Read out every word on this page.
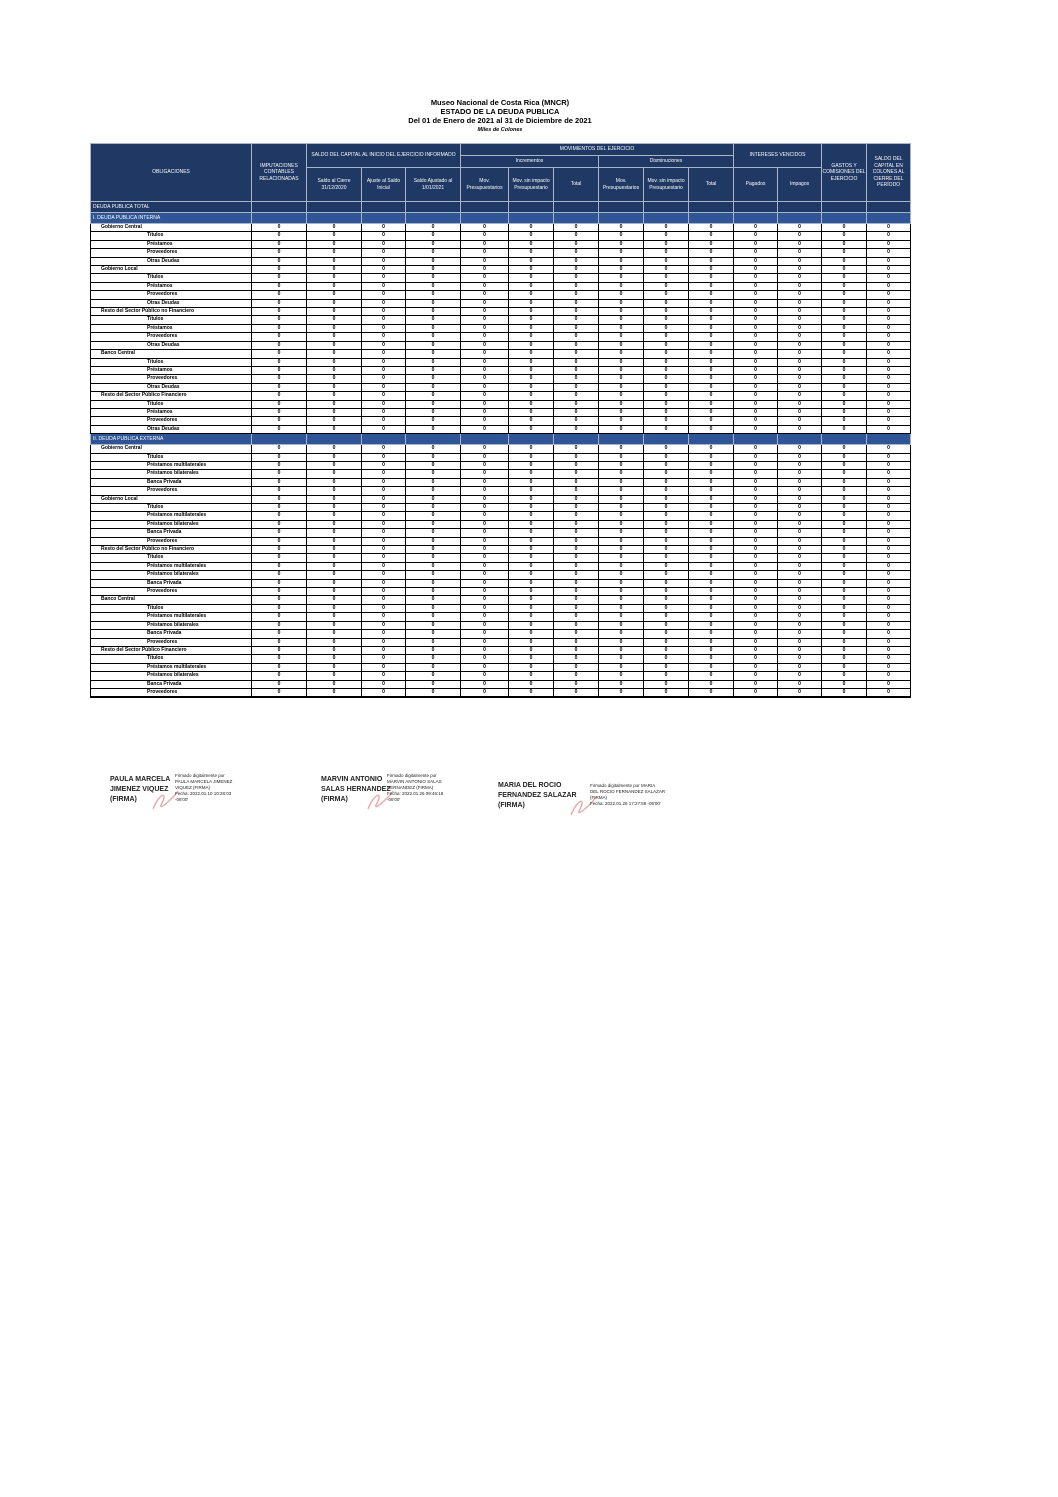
Museo Nacional de Costa Rica (MNCR)
ESTADO DE LA DEUDA PUBLICA
Del 01 de Enero de 2021 al 31 de Diciembre de 2021
Miles de Colones
OBLIGACIONES	IMPUTACIONES CONTABLES RELACIONADAS	SALDO DEL CAPITAL AL INICIO DEL EJERCICIO INFORMADO			MOVIMIENTOS DEL EJERCICIO						INTERESES VENCIDOS		GASTOS Y COMISIONES DEL EJERCICIO	SALDO DEL CAPITAL EN COLONES AL CIERRE DEL PERÍODO
					Incrementos			Disminuciones						
		Saldo al Cierre 31/12/2020	Ajuste al Saldo Inicial	Saldo Ajustado al 1/01/2021	Mov. Presupuestarios	Mov. sin impacto Presupuestario	Total	Mov. Presupuestarios	Mov. sin impacto Presupuestario	Total	Pagados	Impagos		
DEUDA PUBLICA TOTAL														
I. DEUDA PUBLICA INTERNA														
Gobierno Central	0	0	0	0	0	0	0	0	0	0	0	0	0	0
Títulos	0	0	0	0	0	0	0	0	0	0	0	0	0	0
Préstamos	0	0	0	0	0	0	0	0	0	0	0	0	0	0
Proveedores	0	0	0	0	0	0	0	0	0	0	0	0	0	0
Otras Deudas	0	0	0	0	0	0	0	0	0	0	0	0	0	0
Gobierno Local	0	0	0	0	0	0	0	0	0	0	0	0	0	0
Títulos	0	0	0	0	0	0	0	0	0	0	0	0	0	0
Préstamos	0	0	0	0	0	0	0	0	0	0	0	0	0	0
Proveedores	0	0	0	0	0	0	0	0	0	0	0	0	0	0
Otras Deudas	0	0	0	0	0	0	0	0	0	0	0	0	0	0
Resto del Sector Público no Financiero	0	0	0	0	0	0	0	0	0	0	0	0	0	0
Títulos	0	0	0	0	0	0	0	0	0	0	0	0	0	0
Préstamos	0	0	0	0	0	0	0	0	0	0	0	0	0	0
Proveedores	0	0	0	0	0	0	0	0	0	0	0	0	0	0
Otras Deudas	0	0	0	0	0	0	0	0	0	0	0	0	0	0
Banco Central	0	0	0	0	0	0	0	0	0	0	0	0	0	0
Títulos	0	0	0	0	0	0	0	0	0	0	0	0	0	0
Préstamos	0	0	0	0	0	0	0	0	0	0	0	0	0	0
Proveedores	0	0	0	0	0	0	0	0	0	0	0	0	0	0
Otras Deudas	0	0	0	0	0	0	0	0	0	0	0	0	0	0
Resto del Sector Público Financiero	0	0	0	0	0	0	0	0	0	0	0	0	0	0
Títulos	0	0	0	0	0	0	0	0	0	0	0	0	0	0
Préstamos	0	0	0	0	0	0	0	0	0	0	0	0	0	0
Proveedores	0	0	0	0	0	0	0	0	0	0	0	0	0	0
Otras Deudas	0	0	0	0	0	0	0	0	0	0	0	0	0	0
II. DEUDA PUBLICA EXTERNA														
Gobierno Central	0	0	0	0	0	0	0	0	0	0	0	0	0	0
Títulos	0	0	0	0	0	0	0	0	0	0	0	0	0	0
Préstamos multilaterales	0	0	0	0	0	0	0	0	0	0	0	0	0	0
Préstamos bilaterales	0	0	0	0	0	0	0	0	0	0	0	0	0	0
Banca Privada	0	0	0	0	0	0	0	0	0	0	0	0	0	0
Proveedores	0	0	0	0	0	0	0	0	0	0	0	0	0	0
Gobierno Local	0	0	0	0	0	0	0	0	0	0	0	0	0	0
Títulos	0	0	0	0	0	0	0	0	0	0	0	0	0	0
Préstamos multilaterales	0	0	0	0	0	0	0	0	0	0	0	0	0	0
Préstamos bilaterales	0	0	0	0	0	0	0	0	0	0	0	0	0	0
Banca Privada	0	0	0	0	0	0	0	0	0	0	0	0	0	0
Proveedores	0	0	0	0	0	0	0	0	0	0	0	0	0	0
Resto del Sector Público no Financiero	0	0	0	0	0	0	0	0	0	0	0	0	0	0
Títulos	0	0	0	0	0	0	0	0	0	0	0	0	0	0
Préstamos multilaterales	0	0	0	0	0	0	0	0	0	0	0	0	0	0
Préstamos bilaterales	0	0	0	0	0	0	0	0	0	0	0	0	0	0
Banca Privada	0	0	0	0	0	0	0	0	0	0	0	0	0	0
Proveedores	0	0	0	0	0	0	0	0	0	0	0	0	0	0
Banco Central	0	0	0	0	0	0	0	0	0	0	0	0	0	0
Títulos	0	0	0	0	0	0	0	0	0	0	0	0	0	0
Préstamos multilaterales	0	0	0	0	0	0	0	0	0	0	0	0	0	0
Préstamos bilaterales	0	0	0	0	0	0	0	0	0	0	0	0	0	0
Banca Privada	0	0	0	0	0	0	0	0	0	0	0	0	0	0
Proveedores	0	0	0	0	0	0	0	0	0	0	0	0	0	0
Resto del Sector Público Financiero	0	0	0	0	0	0	0	0	0	0	0	0	0	0
Títulos	0	0	0	0	0	0	0	0	0	0	0	0	0	0
Préstamos multilaterales	0	0	0	0	0	0	0	0	0	0	0	0	0	0
Préstamos bilaterales	0	0	0	0	0	0	0	0	0	0	0	0	0	0
Banca Privada	0	0	0	0	0	0	0	0	0	0	0	0	0	0
Proveedores	0	0	0	0	0	0	0	0	0	0	0	0	0	0
PAULA MARCELA
JIMENEZ VIQUEZ
(FIRMA)
Firmado digitalmente por
PAULA MARCELA JIMENEZ
VIQUEZ (FIRMA)
Fecha: 2022.01.10 10:28:03
-06'00'
MARVIN ANTONIO
SALAS HERNANDEZ
(FIRMA)
Firmado digitalmente por
MARVIN ANTONIO SALAS
HERNANDEZ (FIRMA)
Fecha: 2022.01.26 09:46:18
-06'00'
MARIA DEL ROCIO
FERNANDEZ SALAZAR
(FIRMA)
Firmado digitalmente por MARIA
DEL ROCIO FERNANDEZ SALAZAR
(FIRMA)
Fecha: 2022.01.26 17:27:59 -06'00'
